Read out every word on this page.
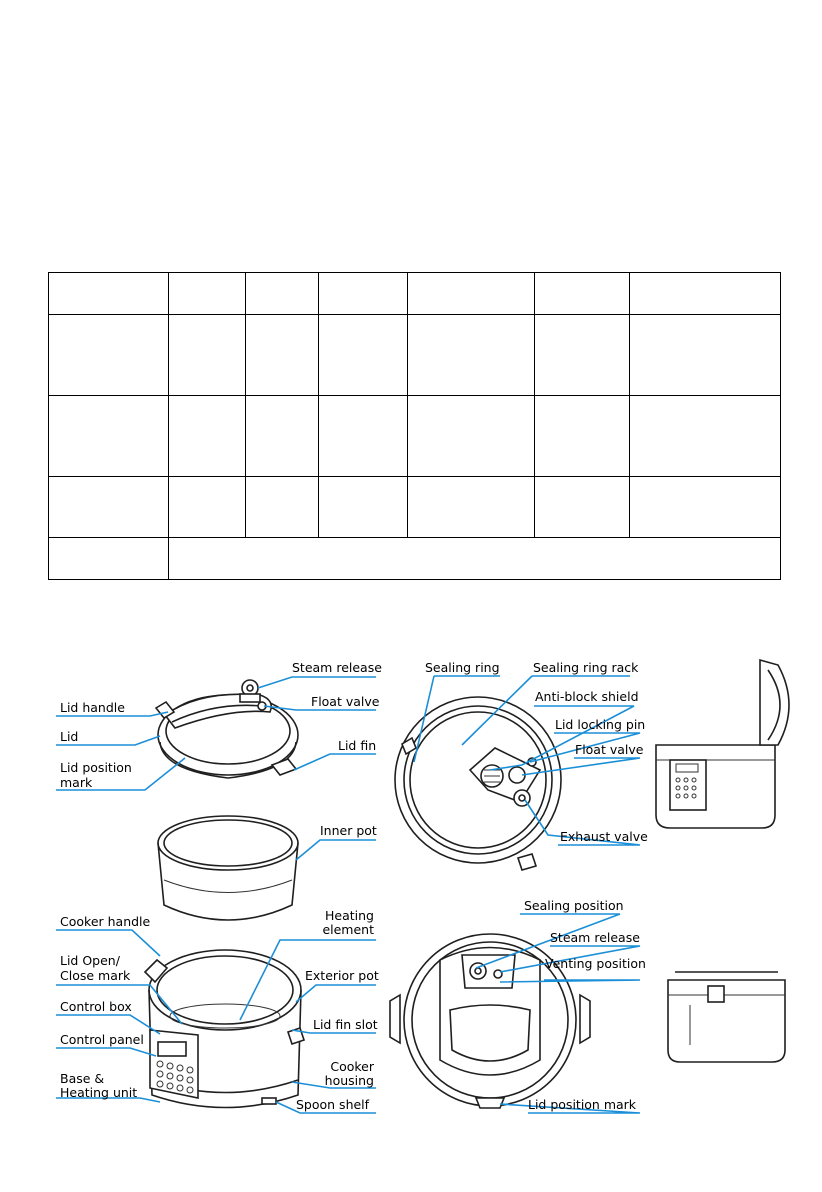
Steam release
Float valve
Lid handle
Lid
Lid position
mark
Lid fin
Inner pot
Cooker handle	Heating
element
Lid Open/
Close mark	Exterior pot
Control box
Lid fin slot
Control panel
Cooker
housing
Base &
Heating unit
Spoon shelf
Sealing ring	Sealing ring rack
Anti-block shield
Lid locking pin
Float valve
Exhaust valve
Sealing position
Steam release
Venting position
Lid position mark
